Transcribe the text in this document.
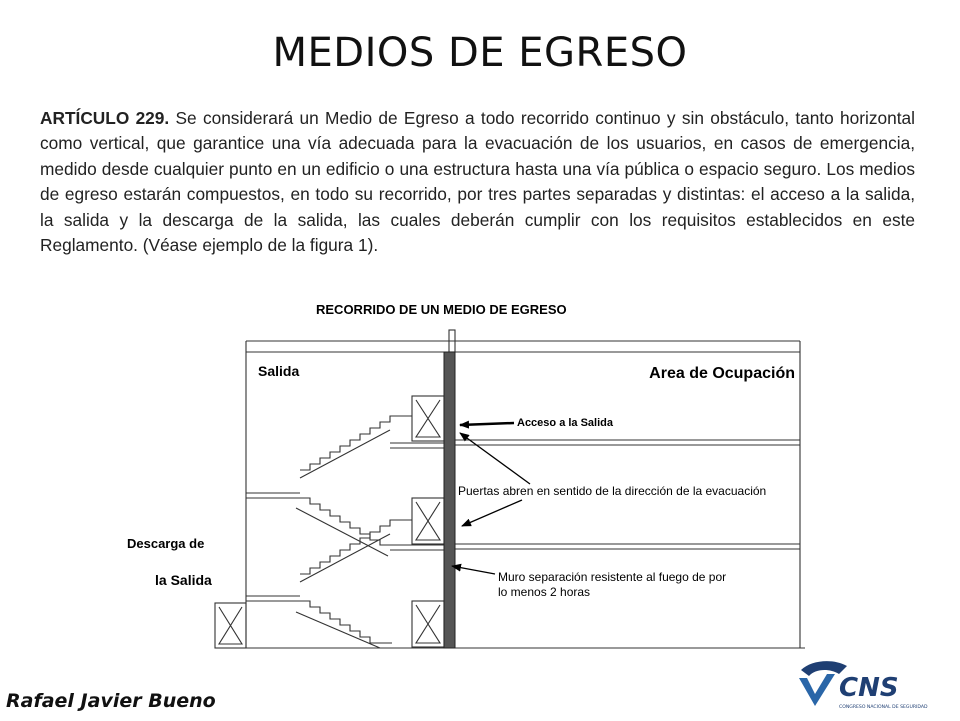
MEDIOS DE EGRESO
ARTÍCULO 229. Se considerará un Medio de Egreso a todo recorrido continuo y sin obstáculo, tanto horizontal como vertical, que garantice una vía adecuada para la evacuación de los usuarios, en casos de emergencia, medido desde cualquier punto en un edificio o una estructura hasta una vía pública o espacio seguro. Los medios de egreso estarán compuestos, en todo su recorrido, por tres partes separadas y distintas: el acceso a la salida, la salida y la descarga de la salida, las cuales deberán cumplir con los requisitos establecidos en este Reglamento. (Véase ejemplo de la figura 1).
RECORRIDO DE UN MEDIO DE EGRESO
Salida	Area de Ocupación
Acceso a la Salida
Puertas abren en sentido de la dirección de la evacuación
Muro separación resistente al fuego de por
lo menos 2 horas
Descarga de
la Salida
Rafael Javier Bueno	CNS
CONGRESO NACIONAL DE SEGURIDAD
